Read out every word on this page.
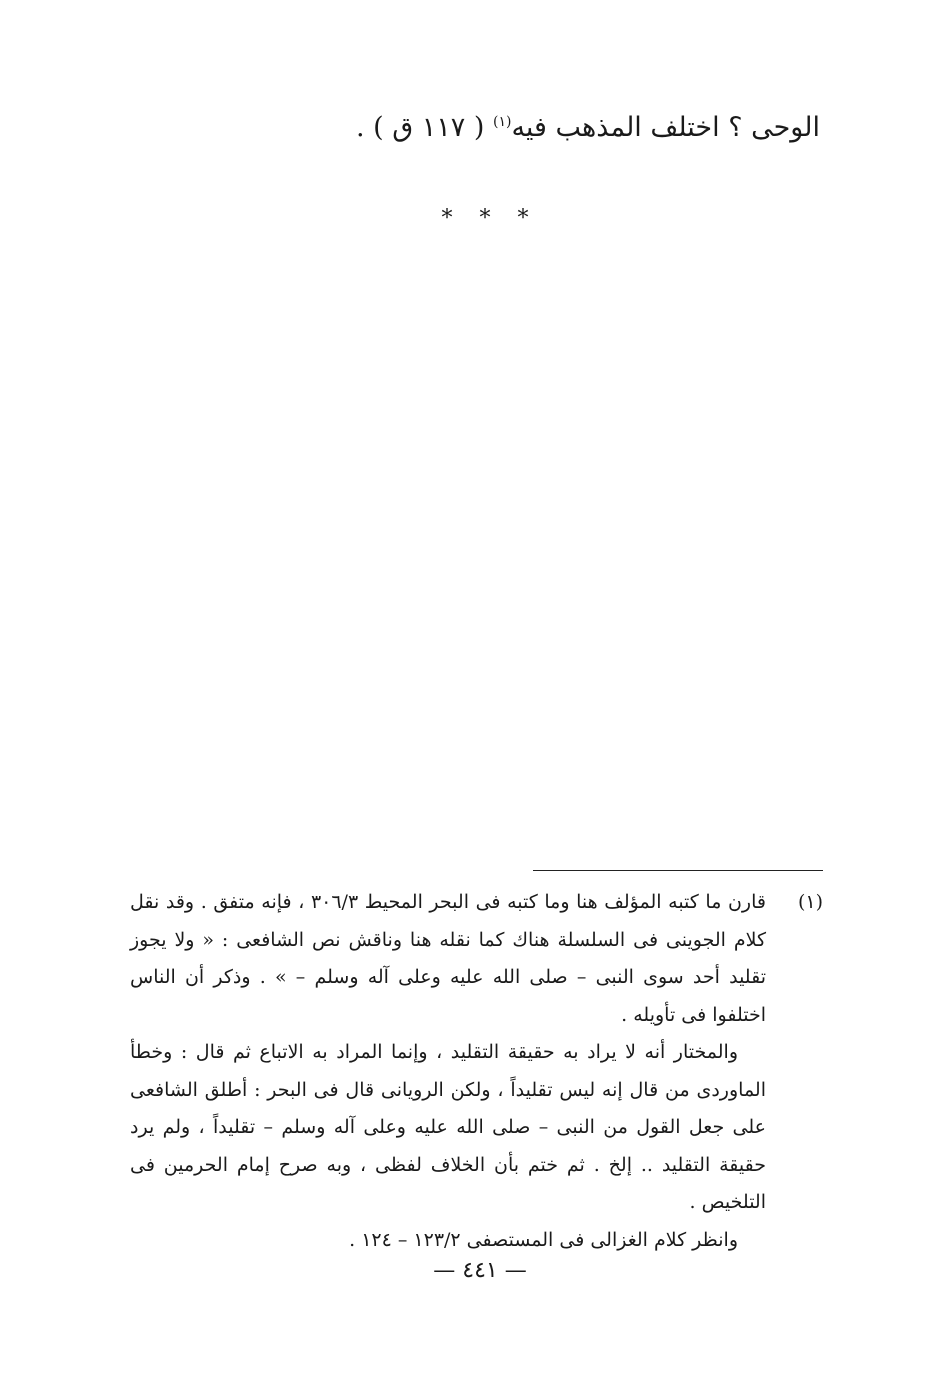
الوحى ؟ اختلف المذهب فيه$^{(١)}$ ( ١١٧ ق ) .
* * *
(١)
قارن ما كتبه المؤلف هنا وما كتبه فى البحر المحيط ٣٠٦/٣ ، فإنه متفق . وقد نقل كلام الجوينى فى السلسلة هناك كما نقله هنا وناقش نص الشافعى : « ولا يجوز تقليد أحد سوى النبى – صلى الله عليه وعلى آله وسلم – » . وذكر أن الناس اختلفوا فى تأويله .
والمختار أنه لا يراد به حقيقة التقليد ، وإنما المراد به الاتباع ثم قال : وخطأ الماوردى من قال إنه ليس تقليداً ، ولكن الرويانى قال فى البحر : أطلق الشافعى على جعل القول من النبى – صلى الله عليه وعلى آله وسلم – تقليداً ، ولم يرد حقيقة التقليد .. إلخ . ثم ختم بأن الخلاف لفظى ، وبه صرح إمام الحرمين فى التلخيص .
وانظر كلام الغزالى فى المستصفى ١٢٣/٢ – ١٢٤ .
— ٤٤١ —
